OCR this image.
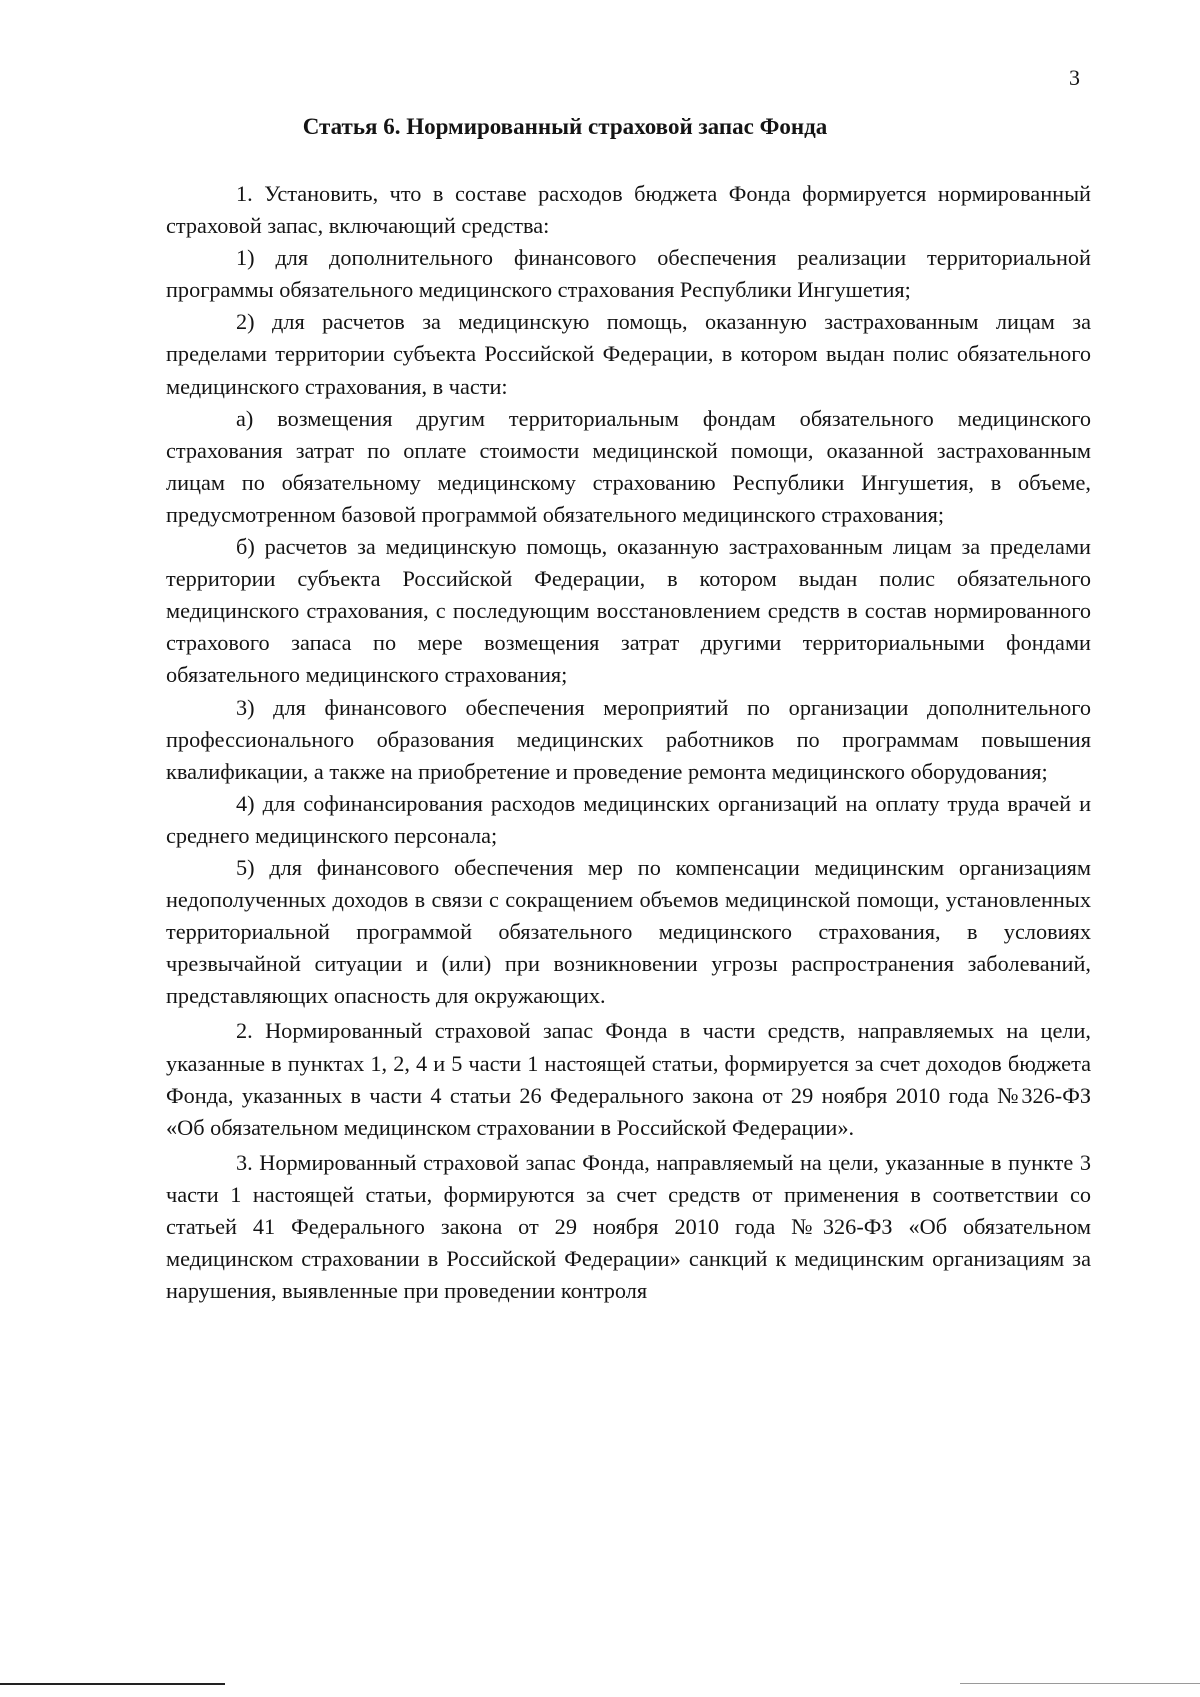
3
Статья 6. Нормированный страховой запас Фонда

1. Установить, что в составе расходов бюджета Фонда формируется нормированный страховой запас, включающий средства:

1) для дополнительного финансового обеспечения реализации территориальной программы обязательного медицинского страхования Республики Ингушетия;

2) для расчетов за медицинскую помощь, оказанную застрахованным лицам за пределами территории субъекта Российской Федерации, в котором выдан полис обязательного медицинского страхования, в части:

а) возмещения другим территориальным фондам обязательного медицинского страхования затрат по оплате стоимости медицинской помощи, оказанной застрахованным лицам по обязательному медицинскому страхованию Республики Ингушетия, в объеме, предусмотренном базовой программой обязательного медицинского страхования;

б) расчетов за медицинскую помощь, оказанную застрахованным лицам за пределами территории субъекта Российской Федерации, в котором выдан полис обязательного медицинского страхования, с последующим восстановлением средств в состав нормированного страхового запаса по мере возмещения затрат другими территориальными фондами обязательного медицинского страхования;

3) для финансового обеспечения мероприятий по организации дополнительного профессионального образования медицинских работников по программам повышения квалификации, а также на приобретение и проведение ремонта медицинского оборудования;

4) для софинансирования расходов медицинских организаций на оплату труда врачей и среднего медицинского персонала;

5) для финансового обеспечения мер по компенсации медицинским организациям недополученных доходов в связи с сокращением объемов медицинской помощи, установленных территориальной программой обязательного медицинского страхования, в условиях чрезвычайной ситуации и (или) при возникновении угрозы распространения заболеваний, представляющих опасность для окружающих.

2. Нормированный страховой запас Фонда в части средств, направляемых на цели, указанные в пунктах 1, 2, 4 и 5 части 1 настоящей статьи, формируется за счет доходов бюджета Фонда, указанных в части 4 статьи 26 Федерального закона от 29 ноября 2010 года №326-ФЗ «Об обязательном медицинском страховании в Российской Федерации».

3. Нормированный страховой запас Фонда, направляемый на цели, указанные в пункте 3 части 1 настоящей статьи, формируются за счет средств от применения в соответствии со статьей 41 Федерального закона от 29 ноября 2010 года №326-ФЗ «Об обязательном медицинском страховании в Российской Федерации» санкций к медицинским организациям за нарушения, выявленные при проведении контроля
